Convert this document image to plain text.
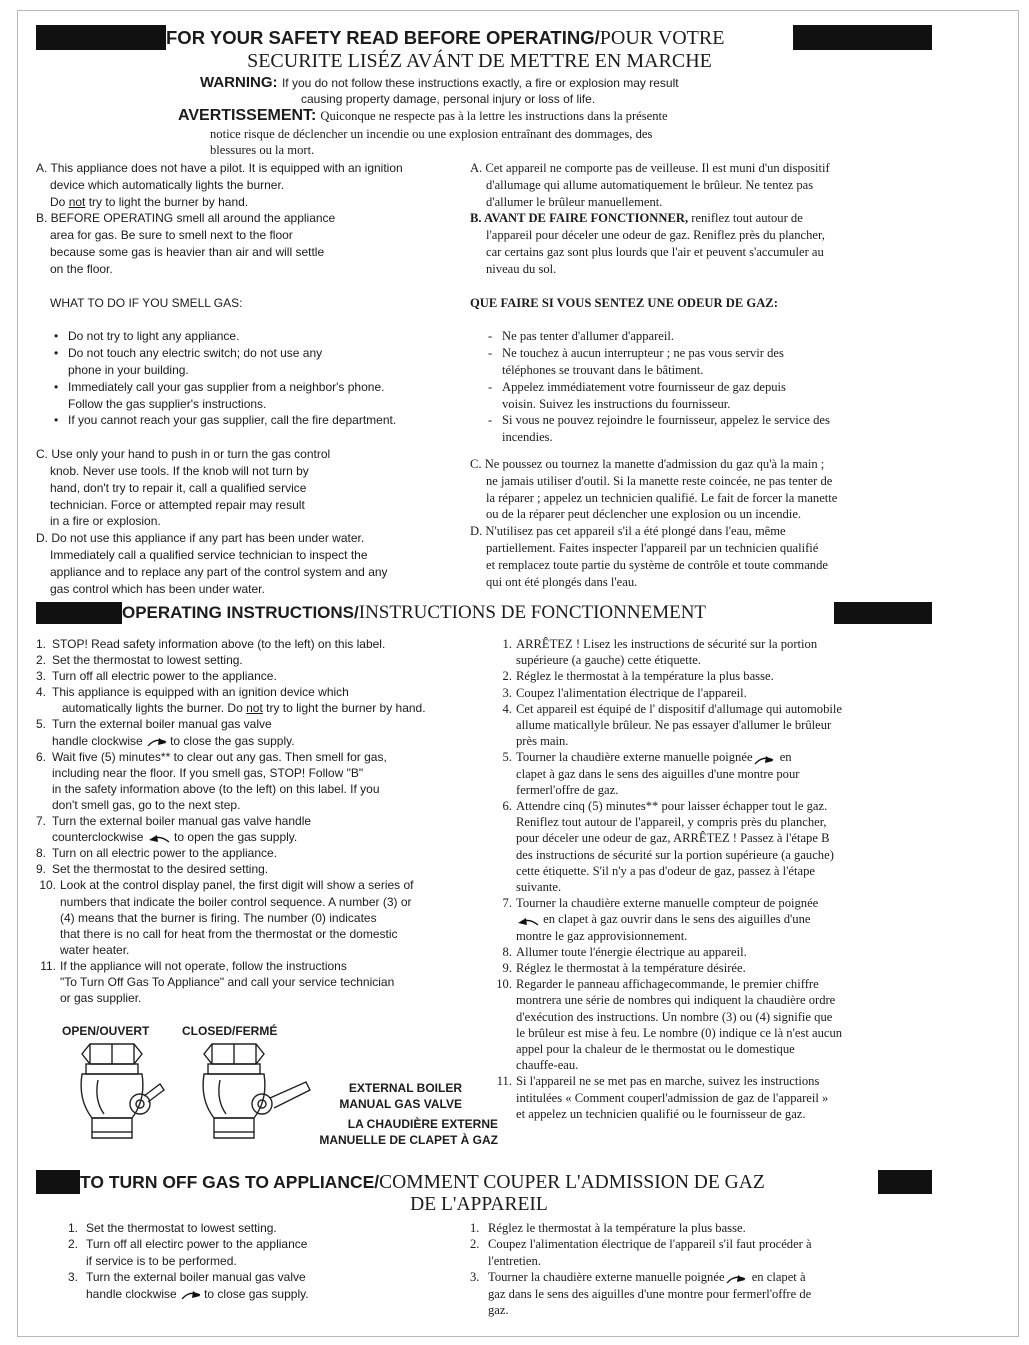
FOR YOUR SAFETY READ BEFORE OPERATING/POUR VOTRE
SECURITE LISÉZ AVÁNT DE METTRE EN MARCHE
WARNING: If you do not follow these instructions exactly, a fire or explosion may result
causing property damage, personal injury or loss of life.
AVERTISSEMENT: Quiconque ne respecte pas à la lettre les instructions dans la présente
notice risque de déclencher un incendie ou une explosion entraînant des dommages, des
blessures ou la mort.

A. This appliance does not have a pilot. It is equipped with an ignition

device which automatically lights the burner.

Do not try to light the burner by hand.

B. BEFORE OPERATING smell all around the appliance

area for gas. Be sure to smell next to the floor

because some gas is heavier than air and will settle

on the floor.

WHAT TO DO IF YOU SMELL GAS:

• Do not try to light any appliance.

• Do not touch any electric switch; do not use any

phone in your building.

• Immediately call your gas supplier from a neighbor's phone.

Follow the gas supplier's instructions.

• If you cannot reach your gas supplier, call the fire department.

C. Use only your hand to push in or turn the gas control

knob. Never use tools. If the knob will not turn by

hand, don't try to repair it, call a qualified service

technician. Force or attempted repair may result

in a fire or explosion.

D. Do not use this appliance if any part has been under water.

Immediately call a qualified service technician to inspect the

appliance and to replace any part of the control system and any

gas control which has been under water.

A. Cet appareil ne comporte pas de veilleuse. Il est muni d'un dispositif

d'allumage qui allume automatiquement le brûleur. Ne tentez pas

d'allumer le brûleur manuellement.

B. AVANT DE FAIRE FONCTIONNER, reniflez tout autour de

l'appareil pour déceler une odeur de gaz. Reniflez près du plancher,

car certains gaz sont plus lourds que l'air et peuvent s'accumuler au

niveau du sol.

QUE FAIRE SI VOUS SENTEZ UNE ODEUR DE GAZ:

- Ne pas tenter d'allumer d'appareil.

- Ne touchez à aucun interrupteur ; ne pas vous servir des

téléphones se trouvant dans le bâtiment.

- Appelez immédiatement votre fournisseur de gaz depuis

voisin. Suivez les instructions du fournisseur.

- Si vous ne pouvez rejoindre le fournisseur, appelez le service des

incendies.

C. Ne poussez ou tournez la manette d'admission du gaz qu'à la main ;

ne jamais utiliser d'outil. Si la manette reste coincée, ne pas tenter de

la réparer ; appelez un technicien qualifié. Le fait de forcer la manette

ou de la réparer peut déclencher une explosion ou un incendie.

D. N'utilisez pas cet appareil s'il a été plongé dans l'eau, même

partiellement. Faites inspecter l'appareil par un technicien qualifié

et remplacez toute partie du système de contrôle et toute commande

qui ont été plongés dans l'eau.

OPERATING INSTRUCTIONS/INSTRUCTIONS DE FONCTIONNEMENT

1. STOP! Read safety information above (to the left) on this label.

2. Set the thermostat to lowest setting.

3. Turn off all electric power to the appliance.

4. This appliance is equipped with an ignition device which

automatically lights the burner. Do not try to light the burner by hand.

5. Turn the external boiler manual gas valve

handle clockwise to close the gas supply.

6. Wait five (5) minutes** to clear out any gas. Then smell for gas,

including near the floor. If you smell gas, STOP! Follow "B"

in the safety information above (to the left) on this label. If you

don't smell gas, go to the next step.

7. Turn the external boiler manual gas valve handle

counterclockwise  to open the gas supply.

8. Turn on all electric power to the appliance.

9. Set the thermostat to the desired setting.

10. Look at the control display panel, the first digit will show a series of

numbers that indicate the boiler control sequence. A number (3) or

(4) means that the burner is firing. The number (0) indicates

that there is no call for heat from the thermostat or the domestic

water heater.

11. If the appliance will not operate, follow the instructions

"To Turn Off Gas To Appliance" and call your service technician

or gas supplier.

1. ARRÊTEZ ! Lisez les instructions de sécurité sur la portion

supérieure (a gauche) cette étiquette.

2. Réglez le thermostat à la température la plus basse.

3. Coupez l'alimentation électrique de l'appareil.

4. Cet appareil est équipé de l' dispositif d'allumage qui automobile

allume maticallyle brûleur. Ne pas essayer d'allumer le brûleur

près main.

5. Tourner la chaudière externe manuelle poignée en

clapet à gaz dans le sens des aiguilles d'une montre pour

fermerl'offre de gaz.

6. Attendre cinq (5) minutes** pour laisser échapper tout le gaz.

Reniflez tout autour de l'appareil, y compris près du plancher,

pour déceler une odeur de gaz, ARRÊTEZ ! Passez à l'étape B

des instructions de sécurité sur la portion supérieure (a gauche)

cette étiquette. S'il n'y a pas d'odeur de gaz, passez à l'étape

suivante.

7. Tourner la chaudière externe manuelle compteur de poignée

en clapet à gaz ouvrir dans le sens des aiguilles d'une

montre le gaz approvisionnement.

8. Allumer toute l'énergie électrique au appareil.

9. Réglez le thermostat à la température désirée.

10. Regarder le panneau affichagecommande, le premier chiffre

montrera une série de nombres qui indiquent la chaudière ordre

d'exécution des instructions. Un nombre (3) ou (4) signifie que

le brûleur est mise à feu. Le nombre (0) indique ce là n'est aucun

appel pour la chaleur de le thermostat ou le domestique

chauffe-eau.

11. Si l'appareil ne se met pas en marche, suivez les instructions

intitulées « Comment couperl'admission de gaz de l'appareil »

et appelez un technicien qualifié ou le fournisseur de gaz.

OPEN/OUVERT	CLOSED/FERMÉ
EXTERNAL BOILER
MANUAL GAS VALVE
LA CHAUDIÈRE EXTERNE
MANUELLE DE CLAPET À GAZ
TO TURN OFF GAS TO APPLIANCE/COMMENT COUPER L'ADMISSION DE GAZ
DE L'APPAREIL

1. Set the thermostat to lowest setting.

2. Turn off all electirc power to the appliance

if service is to be performed.

3. Turn the external boiler manual gas valve

handle clockwise to close gas supply.

1. Réglez le thermostat à la température la plus basse.

2. Coupez l'alimentation électrique de l'appareil s'il faut procéder à

l'entretien.

3. Tourner la chaudière externe manuelle poignée en clapet à

gaz dans le sens des aiguilles d'une montre pour fermerl'offre de

gaz.
